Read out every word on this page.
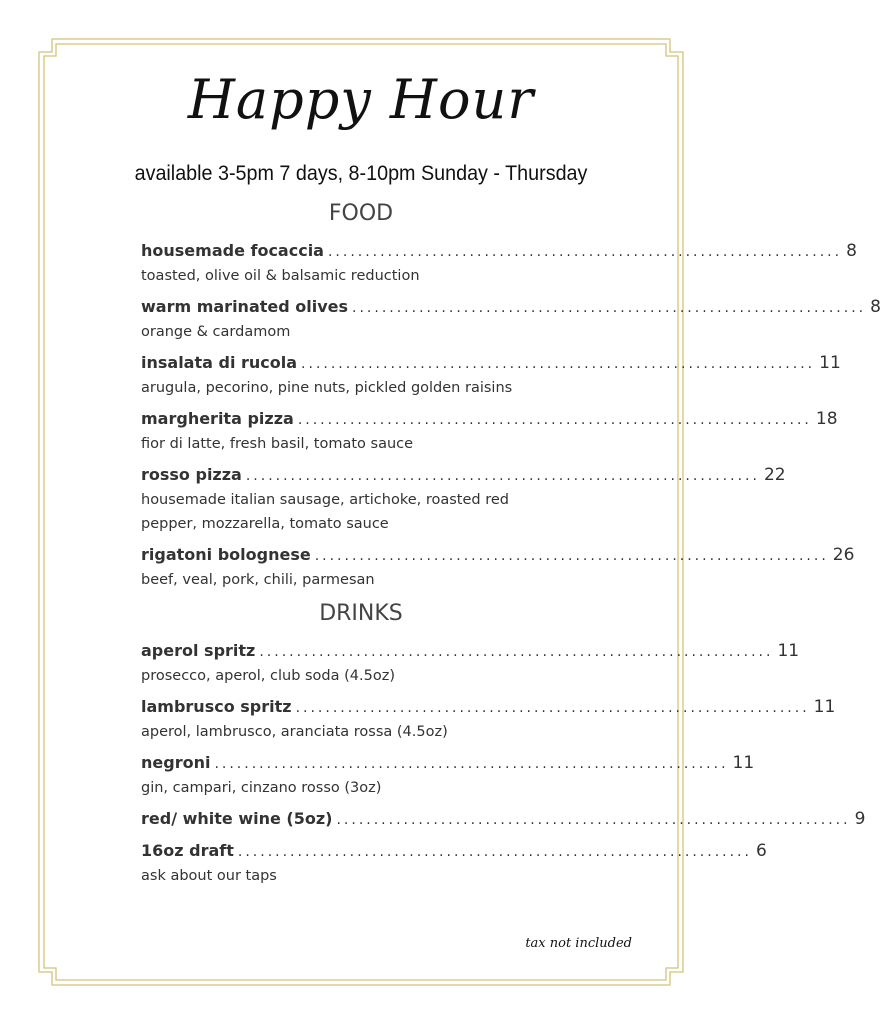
Happy Hour
available 3-5pm 7 days, 8-10pm Sunday - Thursday
FOOD
housemade focaccia ..................................................................... 8
toasted, olive oil & balsamic reduction
warm marinated olives ..................................................................... 8
orange & cardamom
insalata di rucola ..................................................................... 11
arugula, pecorino, pine nuts, pickled golden raisins
margherita pizza ..................................................................... 18
fior di latte, fresh basil, tomato sauce
rosso pizza ..................................................................... 22
housemade italian sausage, artichoke, roasted red pepper, mozzarella, tomato sauce
rigatoni bolognese ..................................................................... 26
beef, veal, pork, chili, parmesan
DRINKS
aperol spritz ..................................................................... 11
prosecco, aperol, club soda (4.5oz)
lambrusco spritz ..................................................................... 11
aperol, lambrusco, aranciata rossa (4.5oz)
negroni ..................................................................... 11
gin, campari, cinzano rosso (3oz)
red/ white wine (5oz) ..................................................................... 9
16oz draft ..................................................................... 6
ask about our taps
tax not included
